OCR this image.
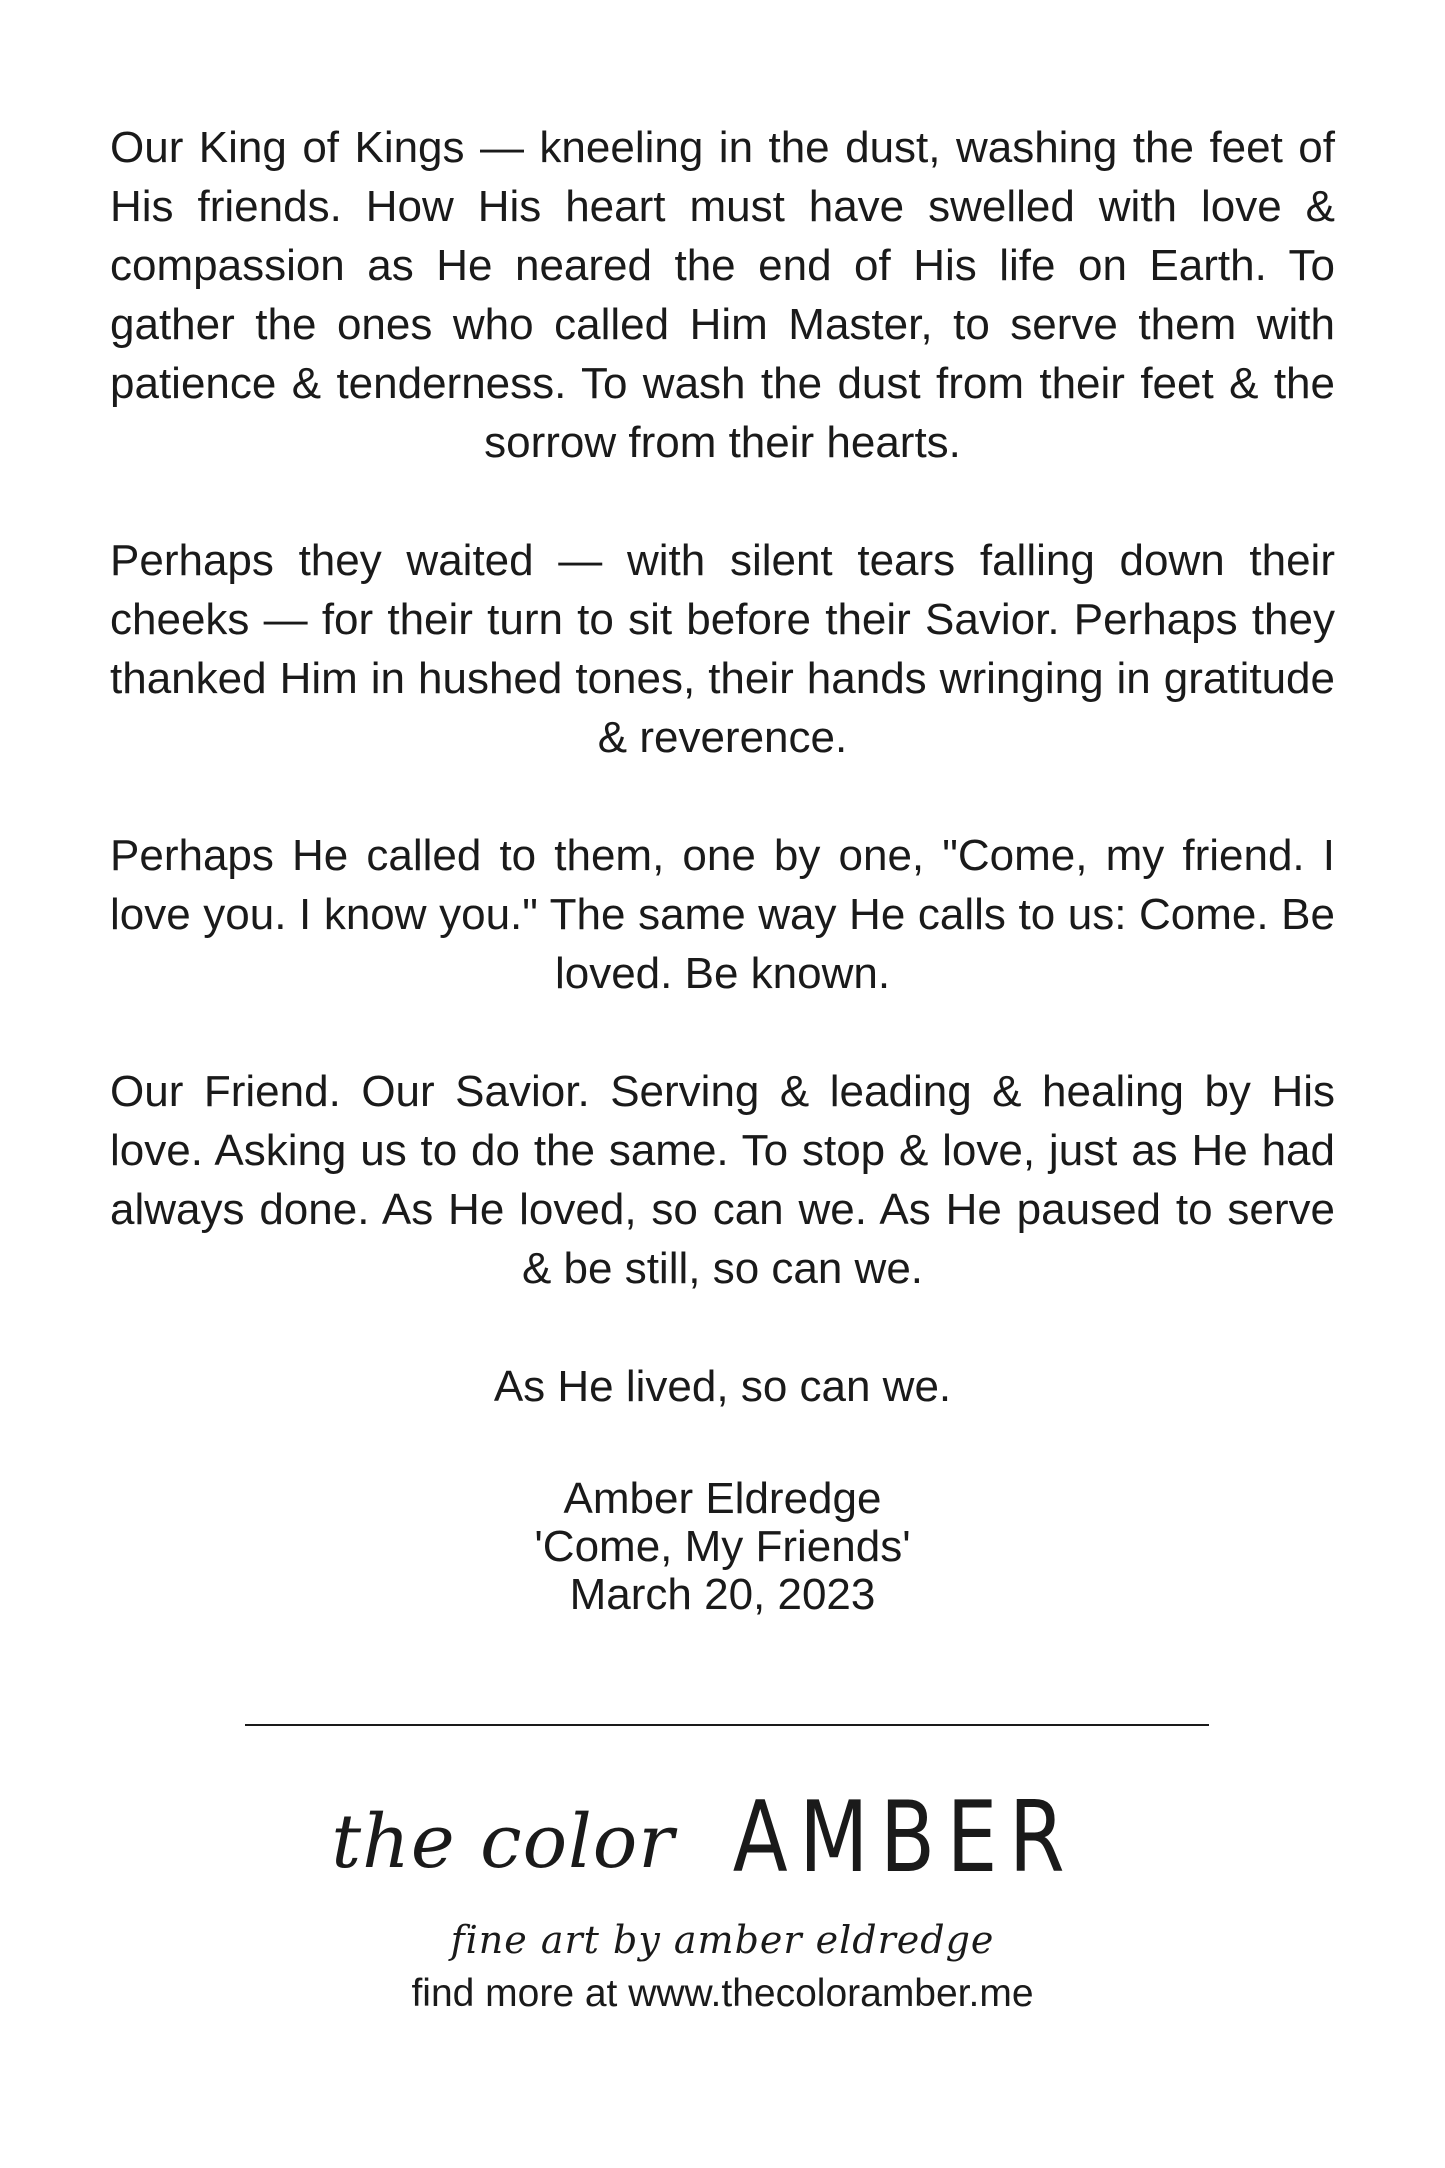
Our King of Kings — kneeling in the dust, washing the feet of His friends. How His heart must have swelled with love & compassion as He neared the end of His life on Earth. To gather the ones who called Him Master, to serve them with patience & tenderness. To wash the dust from their feet & the sorrow from their hearts.

Perhaps they waited — with silent tears falling down their cheeks — for their turn to sit before their Savior. Perhaps they thanked Him in hushed tones, their hands wringing in gratitude & reverence.

Perhaps He called to them, one by one, "Come, my friend. I love you. I know you." The same way He calls to us: Come. Be loved. Be known.

Our Friend. Our Savior. Serving & leading & healing by His love. Asking us to do the same. To stop & love, just as He had always done. As He loved, so can we. As He paused to serve & be still, so can we.

As He lived, so can we.

Amber Eldredge

'Come, My Friends'

March 20, 2023

the color AMBER
fine art by amber eldredge
find more at www.thecoloramber.me
